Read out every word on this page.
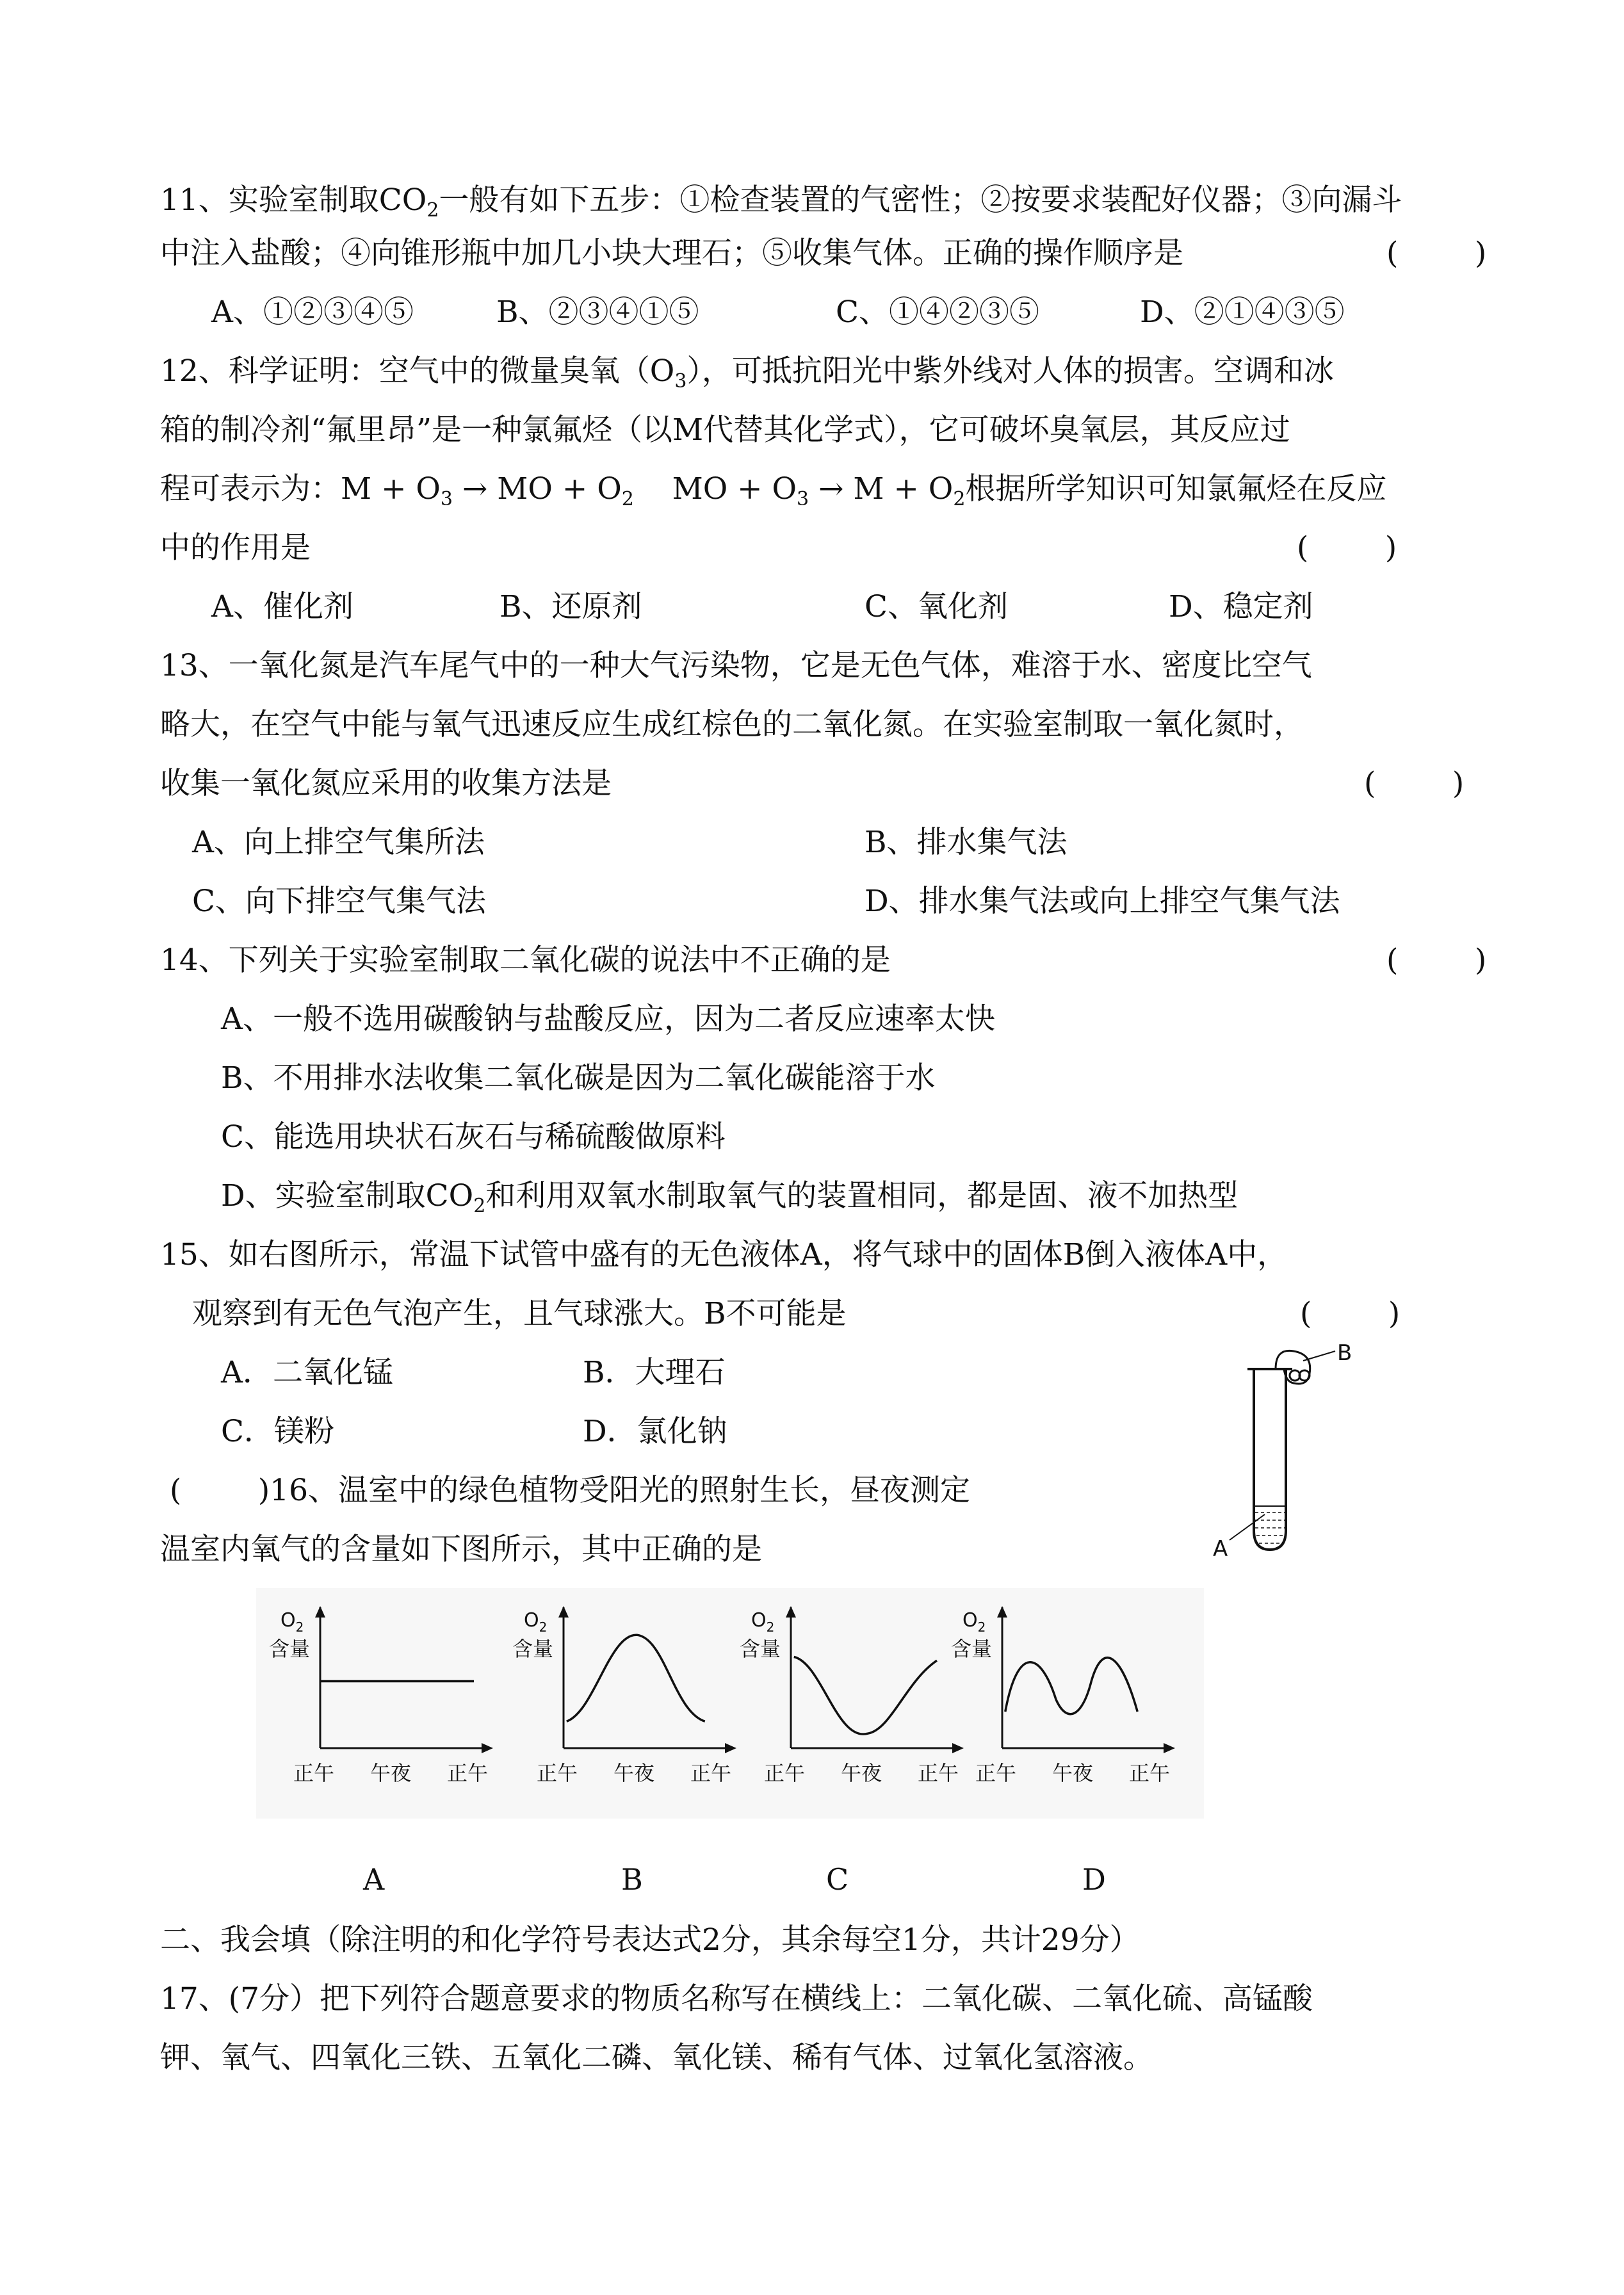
11、实验室制取$CO_2$一般有如下五步：①检查装置的气密性；②按要求装配好仪器；③向漏斗
中注入盐酸；④向锥形瓶中加几小块大理石；⑤收集气体。正确的操作顺序是	(        )
A、①②③④⑤	B、②③④①⑤	C、①④②③⑤	D、②①④③⑤
12、科学证明：空气中的微量臭氧$(O_3)$，可抵抗阳光中紫外线对人体的损害。空调和冰
箱的制冷剂“氟里昂”是一种氯氟烃（以M代替其化学式），它可破坏臭氧层，其反应过
程可表示为：$M + O_3$ → MO + $O_2$    MO + $O_3 \to M + O_2$根据所学知识可知氯氟烃在反应
中的作用是	(        )
A、催化剂	B、还原剂	C、氧化剂	D、稳定剂
13、一氧化氮是汽车尾气中的一种大气污染物，它是无色气体，难溶于水、密度比空气
略大，在空气中能与氧气迅速反应生成红棕色的二氧化氮。在实验室制取一氧化氮时，
收集一氧化氮应采用的收集方法是	(        )
A、向上排空气集所法	B、排水集气法
C、向下排空气集气法	D、排水集气法或向上排空气集气法
14、下列关于实验室制取二氧化碳的说法中不正确的是	(        )
A、一般不选用碳酸钠与盐酸反应，因为二者反应速率太快
B、不用排水法收集二氧化碳是因为二氧化碳能溶于水
C、能选用块状石灰石与稀硫酸做原料
D、实验室制取$CO_2$和利用双氧水制取氧气的装置相同，都是固、液不加热型
15、如右图所示，常温下试管中盛有的无色液体A，将气球中的固体B倒入液体A中，
观察到有无色气泡产生，且气球涨大。B不可能是	(        )
A．二氧化锰	B．大理石
C．镁粉	D．氯化钠
B
A
(        )16、温室中的绿色植物受阳光的照射生长，昼夜测定
温室内氧气的含量如下图所示，其中正确的是
$O_2$
含量
正午 午夜 正午
$O_2$
含量
正午 午夜 正午
$O_2$
含量
正午 午夜 正午
$O_2$
含量
正午 午夜 正午
A	B	C	D
二、我会填（除注明的和化学符号表达式2分，其余每空1分，共计29分）
17、(7分）把下列符合题意要求的物质名称写在横线上：二氧化碳、二氧化硫、高锰酸
钾、氧气、四氧化三铁、五氧化二磷、氧化镁、稀有气体、过氧化氢溶液。
